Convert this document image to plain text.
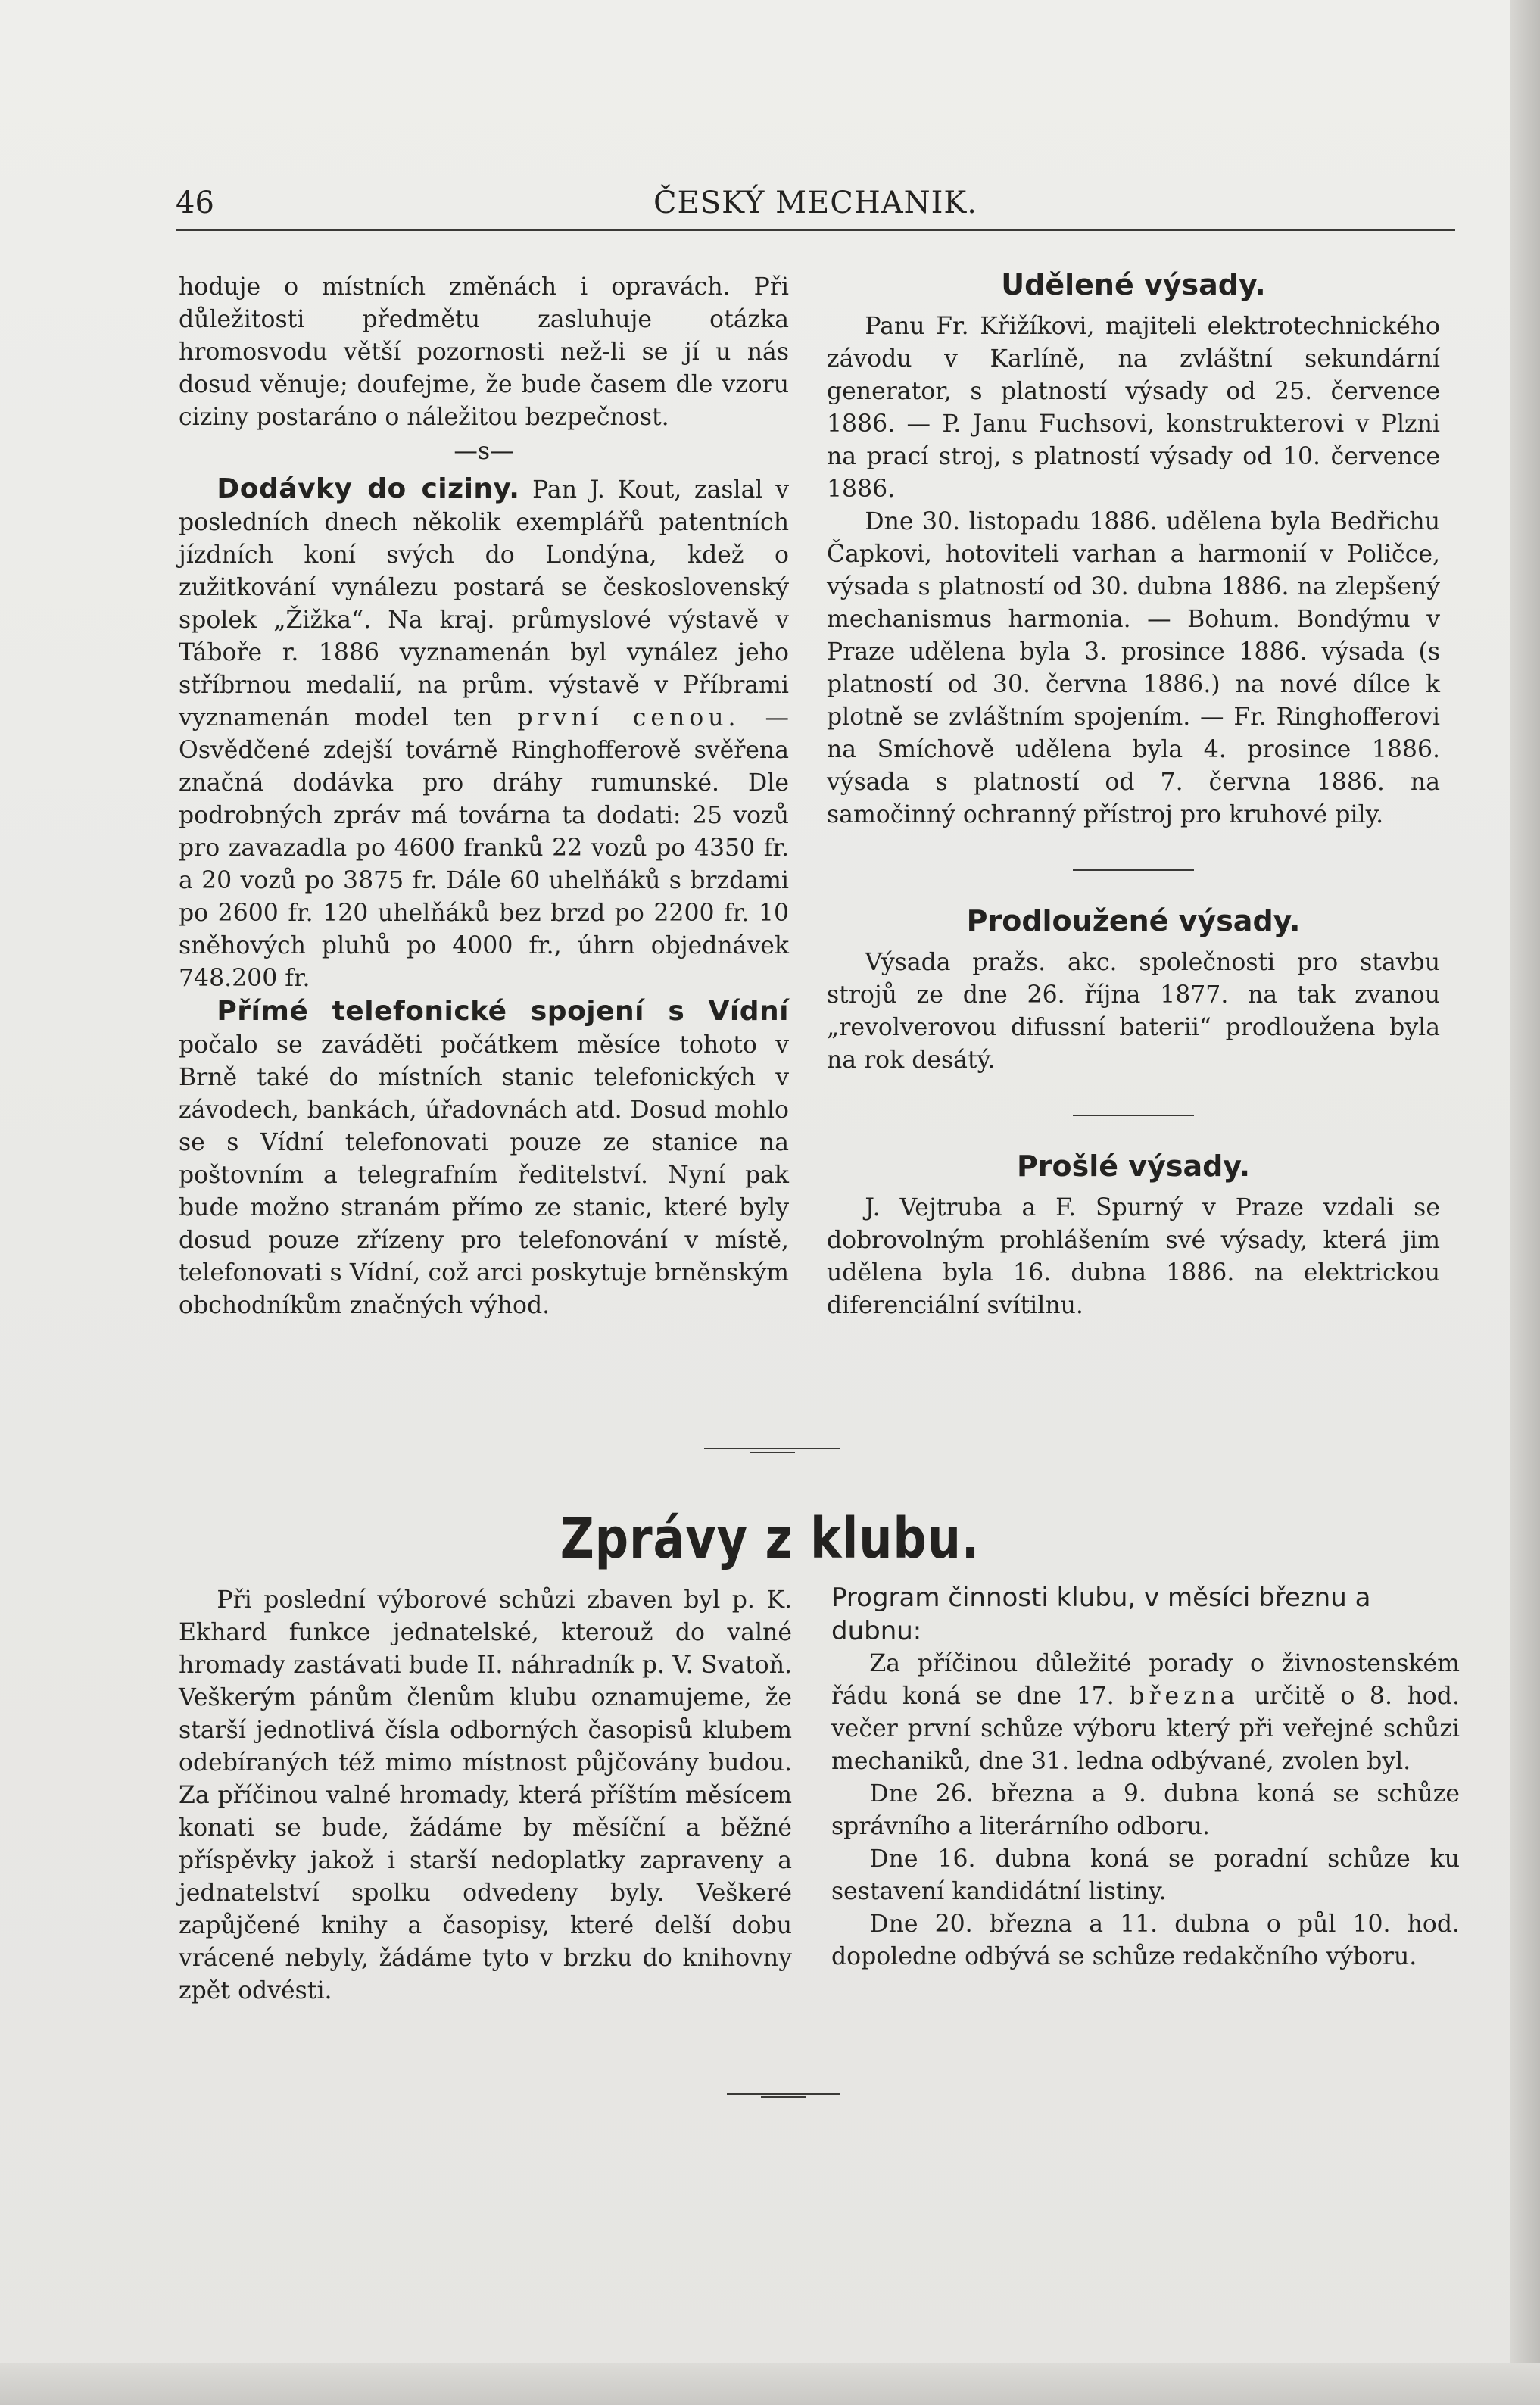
46	ČESKÝ MECHANIK.

hoduje o místních změnách i opravách. Při důležitosti předmětu zasluhuje otázka hromosvodu větší pozornosti než-li se jí u nás dosud věnuje; doufejme, že bude časem dle vzoru ciziny postaráno o náležitou bezpečnost.

—s—

Dodávky do ciziny. Pan J. Kout, zaslal v posledních dnech několik exemplářů patentních jízdních koní svých do Londýna, kdež o zužitkování vynálezu postará se československý spolek „Žižka“. Na kraj. průmyslové výstavě v Táboře r. 1886 vyznamenán byl vynález jeho stříbrnou medalií, na prům. výstavě v Příbrami vyznamenán model ten první cenou. — Osvědčené zdejší továrně Ringhofferově svěřena značná dodávka pro dráhy rumunské. Dle podrobných zpráv má továrna ta dodati: 25 vozů pro zavazadla po 4600 franků 22 vozů po 4350 fr. a 20 vozů po 3875 fr. Dále 60 uhelňáků s brzdami po 2600 fr. 120 uhelňáků bez brzd po 2200 fr. 10 sněhových pluhů po 4000 fr., úhrn objednávek 748.200 fr.

Přímé telefonické spojení s Vídní počalo se zaváděti počátkem měsíce tohoto v Brně také do místních stanic telefonických v závodech, bankách, úřadovnách atd. Dosud mohlo se s Vídní telefonovati pouze ze stanice na poštovním a telegrafním ředitelství. Nyní pak bude možno stranám přímo ze stanic, které byly dosud pouze zřízeny pro telefonování v místě, telefonovati s Vídní, což arci poskytuje brněnským obchodníkům značných výhod.

Udělené výsady.

Panu Fr. Křižíkovi, majiteli elektrotechnického závodu v Karlíně, na zvláštní sekundární generator, s platností výsady od 25. července 1886. — P. Janu Fuchsovi, konstrukterovi v Plzni na prací stroj, s platností výsady od 10. července 1886.

Dne 30. listopadu 1886. udělena byla Bedřichu Čapkovi, hotoviteli varhan a harmonií v Poličce, výsada s platností od 30. dubna 1886. na zlepšený mechanismus harmonia. — Bohum. Bondýmu v Praze udělena byla 3. prosince 1886. výsada (s platností od 30. června 1886.) na nové dílce k plotně se zvláštním spojením. — Fr. Ringhofferovi na Smíchově udělena byla 4. prosince 1886. výsada s platností od 7. června 1886. na samočinný ochranný přístroj pro kruhové pily.

Prodloužené výsady.

Výsada pražs. akc. společnosti pro stavbu strojů ze dne 26. října 1877. na tak zvanou „revolverovou difussní baterii“ prodloužena byla na rok desátý.

Prošlé výsady.

J. Vejtruba a F. Spurný v Praze vzdali se dobrovolným prohlášením své výsady, která jim udělena byla 16. dubna 1886. na elektrickou diferenciální svítilnu.

Zprávy z klubu.

Při poslední výborové schůzi zbaven byl p. K. Ekhard funkce jednatelské, kterouž do valné hromady zastávati bude II. náhradník p. V. Svatoň. Veškerým pánům členům klubu oznamujeme, že starší jednotlivá čísla odborných časopisů klubem odebíraných též mimo místnost půjčovány budou. Za příčinou valné hromady, která příštím měsícem konati se bude, žádáme by měsíční a běžné příspěvky jakož i starší nedoplatky zapraveny a jednatelství spolku odvedeny byly. Veškeré zapůjčené knihy a časopisy, které delší dobu vrácené nebyly, žádáme tyto v brzku do knihovny zpět odvésti.

Program činnosti klubu, v měsíci březnu a dubnu:

Za příčinou důležité porady o živnostenském řádu koná se dne 17. března určitě o 8. hod. večer první schůze výboru který při veřejné schůzi mechaniků, dne 31. ledna odbývané, zvolen byl.

Dne 26. března a 9. dubna koná se schůze správního a literárního odboru.

Dne 16. dubna koná se poradní schůze ku sestavení kandidátní listiny.

Dne 20. března a 11. dubna o půl 10. hod. dopoledne odbývá se schůze redakčního výboru.
